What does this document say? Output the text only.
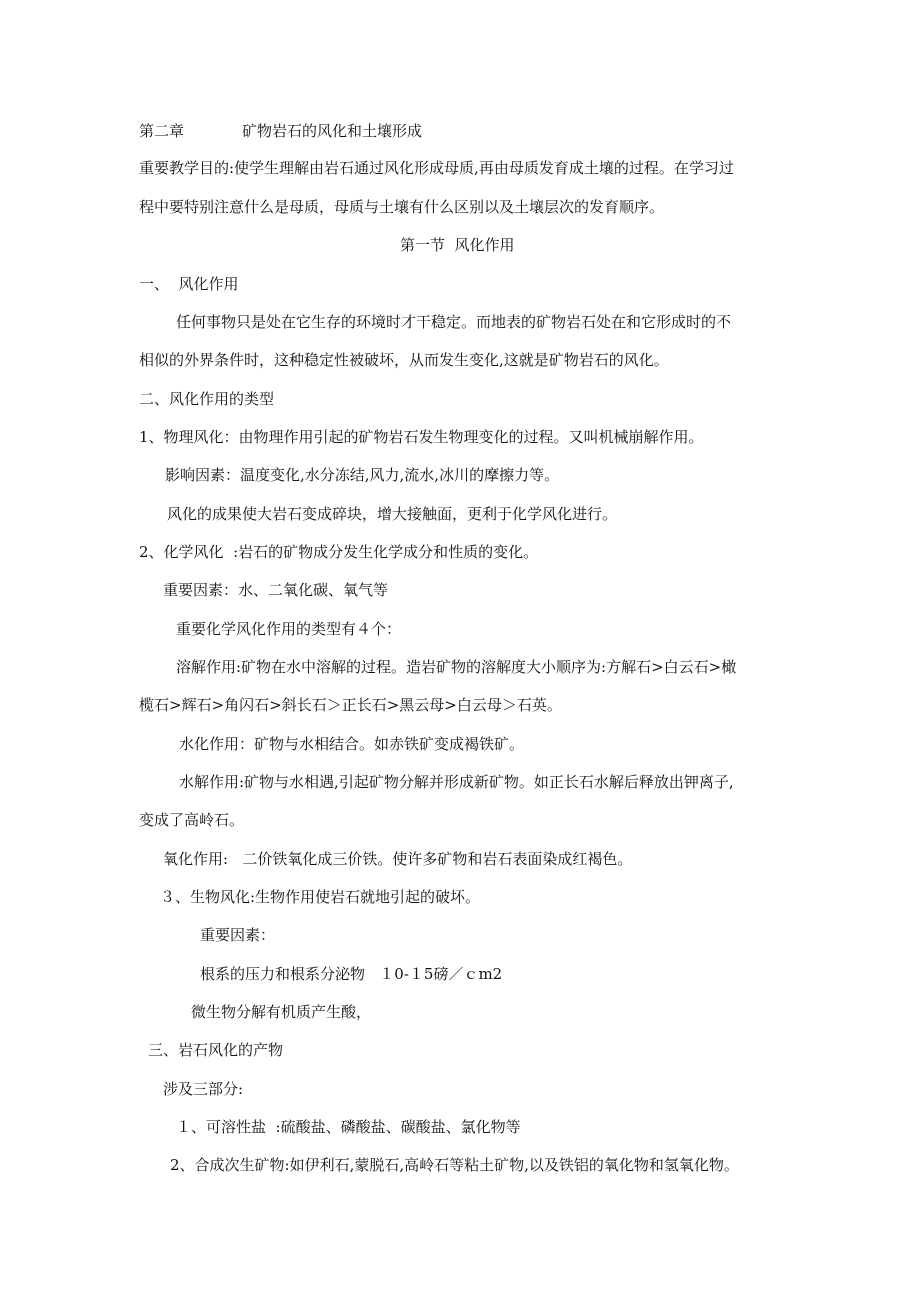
第二章	矿物岩石的风化和土壤形成
重要教学目的:使学生理解由岩石通过风化形成母质,再由母质发育成土壤的过程。在学习过
程中要特别注意什么是母质，母质与土壤有什么区别以及土壤层次的发育顺序。
第一节  风化作用
一、  风化作用
任何事物只是处在它生存的环境时才干稳定。而地表的矿物岩石处在和它形成时的不
相似的外界条件时，这种稳定性被破坏，从而发生变化,这就是矿物岩石的风化。
二、风化作用的类型
1、物理风化：由物理作用引起的矿物岩石发生物理变化的过程。又叫机械崩解作用。
影响因素：温度变化,水分冻结,风力,流水,冰川的摩擦力等。
风化的成果使大岩石变成碎块，增大接触面，更利于化学风化进行。
2、化学风化  :岩石的矿物成分发生化学成分和性质的变化。
重要因素：水、二氧化碳、氧气等
重要化学风化作用的类型有４个：
溶解作用:矿物在水中溶解的过程。造岩矿物的溶解度大小顺序为:方解石>白云石>橄
榄石>辉石>角闪石>斜长石＞正长石>黑云母>白云母＞石英。
水化作用：矿物与水相结合。如赤铁矿变成褐铁矿。
水解作用:矿物与水相遇,引起矿物分解并形成新矿物。如正长石水解后释放出钾离子,
变成了高岭石。
氧化作用:   二价铁氧化成三价铁。使许多矿物和岩石表面染成红褐色。
３、生物风化:生物作用使岩石就地引起的破坏。
重要因素：
根系的压力和根系分泌物   １0-１5磅／ｃm2
微生物分解有机质产生酸，
三、岩石风化的产物
涉及三部分:
１、可溶性盐  :硫酸盐、磷酸盐、碳酸盐、氯化物等
2、合成次生矿物:如伊利石,蒙脱石,高岭石等粘土矿物,以及铁铝的氧化物和氢氧化物。
